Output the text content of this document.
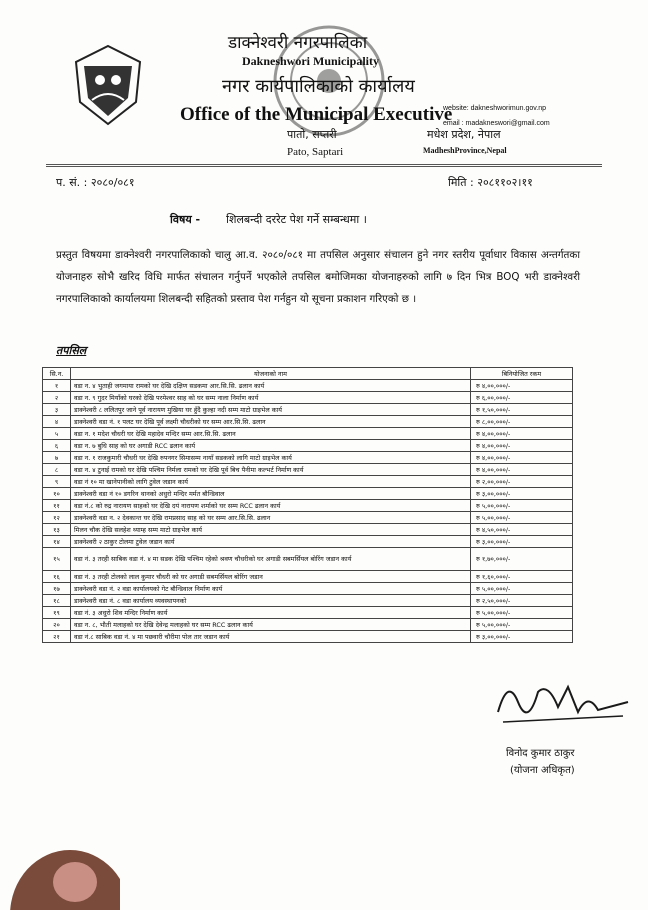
डाक्नेश्वरी नगरपालिका
Dakneshwori Municipality
नगर कार्यपालिकाको कार्यालय
Office of the Municipal Executive
website: dakneshworimun.gov.np
email : madakneswori@gmail.com
पातो, सप्तरी
Pato, Saptari
मधेश प्रदेश, नेपाल
MadheshProvince,Nepal
प. सं. : २०८०/०८१	मिति : २०८११०२।११
विषय - शिलबन्दी दररेट पेश गर्ने सम्बन्धमा ।
प्रस्तुत विषयमा डाक्नेश्वरी नगरपालिकाको चालु आ.व. २०८०/०८१ मा तपसिल अनुसार संचालन हुने नगर स्तरीय पूर्वाधार विकास अन्तर्गतका योजनाहरु सोभै खरिद विधि मार्फत संचालन गर्नुपर्ने भएकोले तपसिल बमोजिमका योजनाहरुको लागि ७ दिन भित्र BOQ भरी डाक्नेश्वरी नगरपालिकाको कार्यालयमा शिलबन्दी सहितको प्रस्ताव पेश गर्नहुन यो सूचना प्रकाशन गरिएको छ ।
तपसिल
सि.न.	योजनाको नाम	बिनियोजित रकम
१	वडा न. ४ भुताही जगमाया रामको घर देखि दक्षिण सडकमा आर.सि.सि. ढलान कार्य	रु ४,००,०००/-
२	वडा न. ९ गुदर मियाँको घरको देखि परमेश्वर साह को घर सम्म नाला निर्माण कार्य	रु ६,००,०००/-
३	डाक्नेश्वरी ८ ललितपुर जाने पूर्व नारायण मुखिया घर हुँदै कुल्हा नदी सम्म माटो ग्राइभेल कार्य	रु १,५०,०००/-
४	डाक्नेश्वरी वडा नं. १ पलट घर देखि पूर्व लक्ष्मी चौधरीको घर सम्म आर.सि.सि. ढलान	रु ८,००,०००/-
५	वडा न. १ मदेश चौधरी घर देखि महादेव मन्दिर सम्म आर.सि.सि. ढलान	रु ४,००,०००/-
६	वडा न. ७ बुधि साह को घर अगाडी RCC ढलान कार्य	रु ४,००,०००/-
७	वडा न. १ राजकुमारी चौधरी घर देखि रुपनगर सिमासम्म नायाँ सडकको लागि माटो ग्राइभेल कार्य	रु ४,००,०००/-
८	वडा न. ४ टुनाई रामको घर देखि पश्चिम निर्मला रामको घर देखि पूर्व बिच पैनीमा कल्भर्ट निर्माण कार्य	रु ४,००,०००/-
९	वडा नं १० मा खानेपानीको लागि टुवेल जडान कार्य	रु २,००,०००/-
१०	डाक्नेश्वरी वडा नं १० डगरिन थानको अधुरो मन्दिर मर्मत बौन्डिवाल	रु ३,००,०००/-
११	वडा नं.८ को रुद्र नारायण साहको घर देखि दयं नारायण शर्माको घर सम्म RCC ढलान कार्य	रु ५,००,०००/-
१२	डाक्नेश्वरी वडा न. २ देवकान्त घर देखि रामप्रसाद साह को घर सम्म आर.सि.सि. ढलान	रु ५,००,०००/-
१३	मिलन चौक देखि सलहेश थ्याम्ह सम्म माटो ग्राइभेल कार्य	रु ४,५०,०००/-
१४	डाक्नेश्वरी २ ठाकुर टोलमा टुवेल जडान कार्य	रु ३,००,०००/-
१५	वडा नं. ३ तरही साबिक वडा नं. ४ मा सडक देखि पश्चिम रहेको श्रवण चौधरीको घर अगाडी सबमर्सियल बोरिंग जडान कार्य	रु १,७०,०००/-
१६	वडा नं. ३ तरही टोलको लाल कुमार चौधरी को घर अगाडी सबमर्सियल बोरिंग जडान	रु १,६०,०००/-
१७	डाक्नेश्वरी वडा नं. २ वडा कार्यालयको गेट बौन्डिवाल निर्माण कार्य	रु ५,००,०००/-
१८	डाक्नेश्वरी वडा नं. ८ वडा कार्यालय व्यवस्थापनको	रु २,५०,०००/-
१९	वडा नं. ३ अधुरो शिव मन्दिर निर्माण कार्य	रु ५,००,०००/-
२०	वडा न. ८, भौती मलाहको घर देखि देवेन्द्र मलाहको घर सम्म RCC ढलान कार्य	रु ५,००,०००/-
२१	वडा नं.८ साबिक वडा नं. ४ मा पछवारी चौरीमा पोल तार जडान कार्य	रु ३,००,०००/-
विनोद कुमार ठाकुर
(योजना अधिकृत)
